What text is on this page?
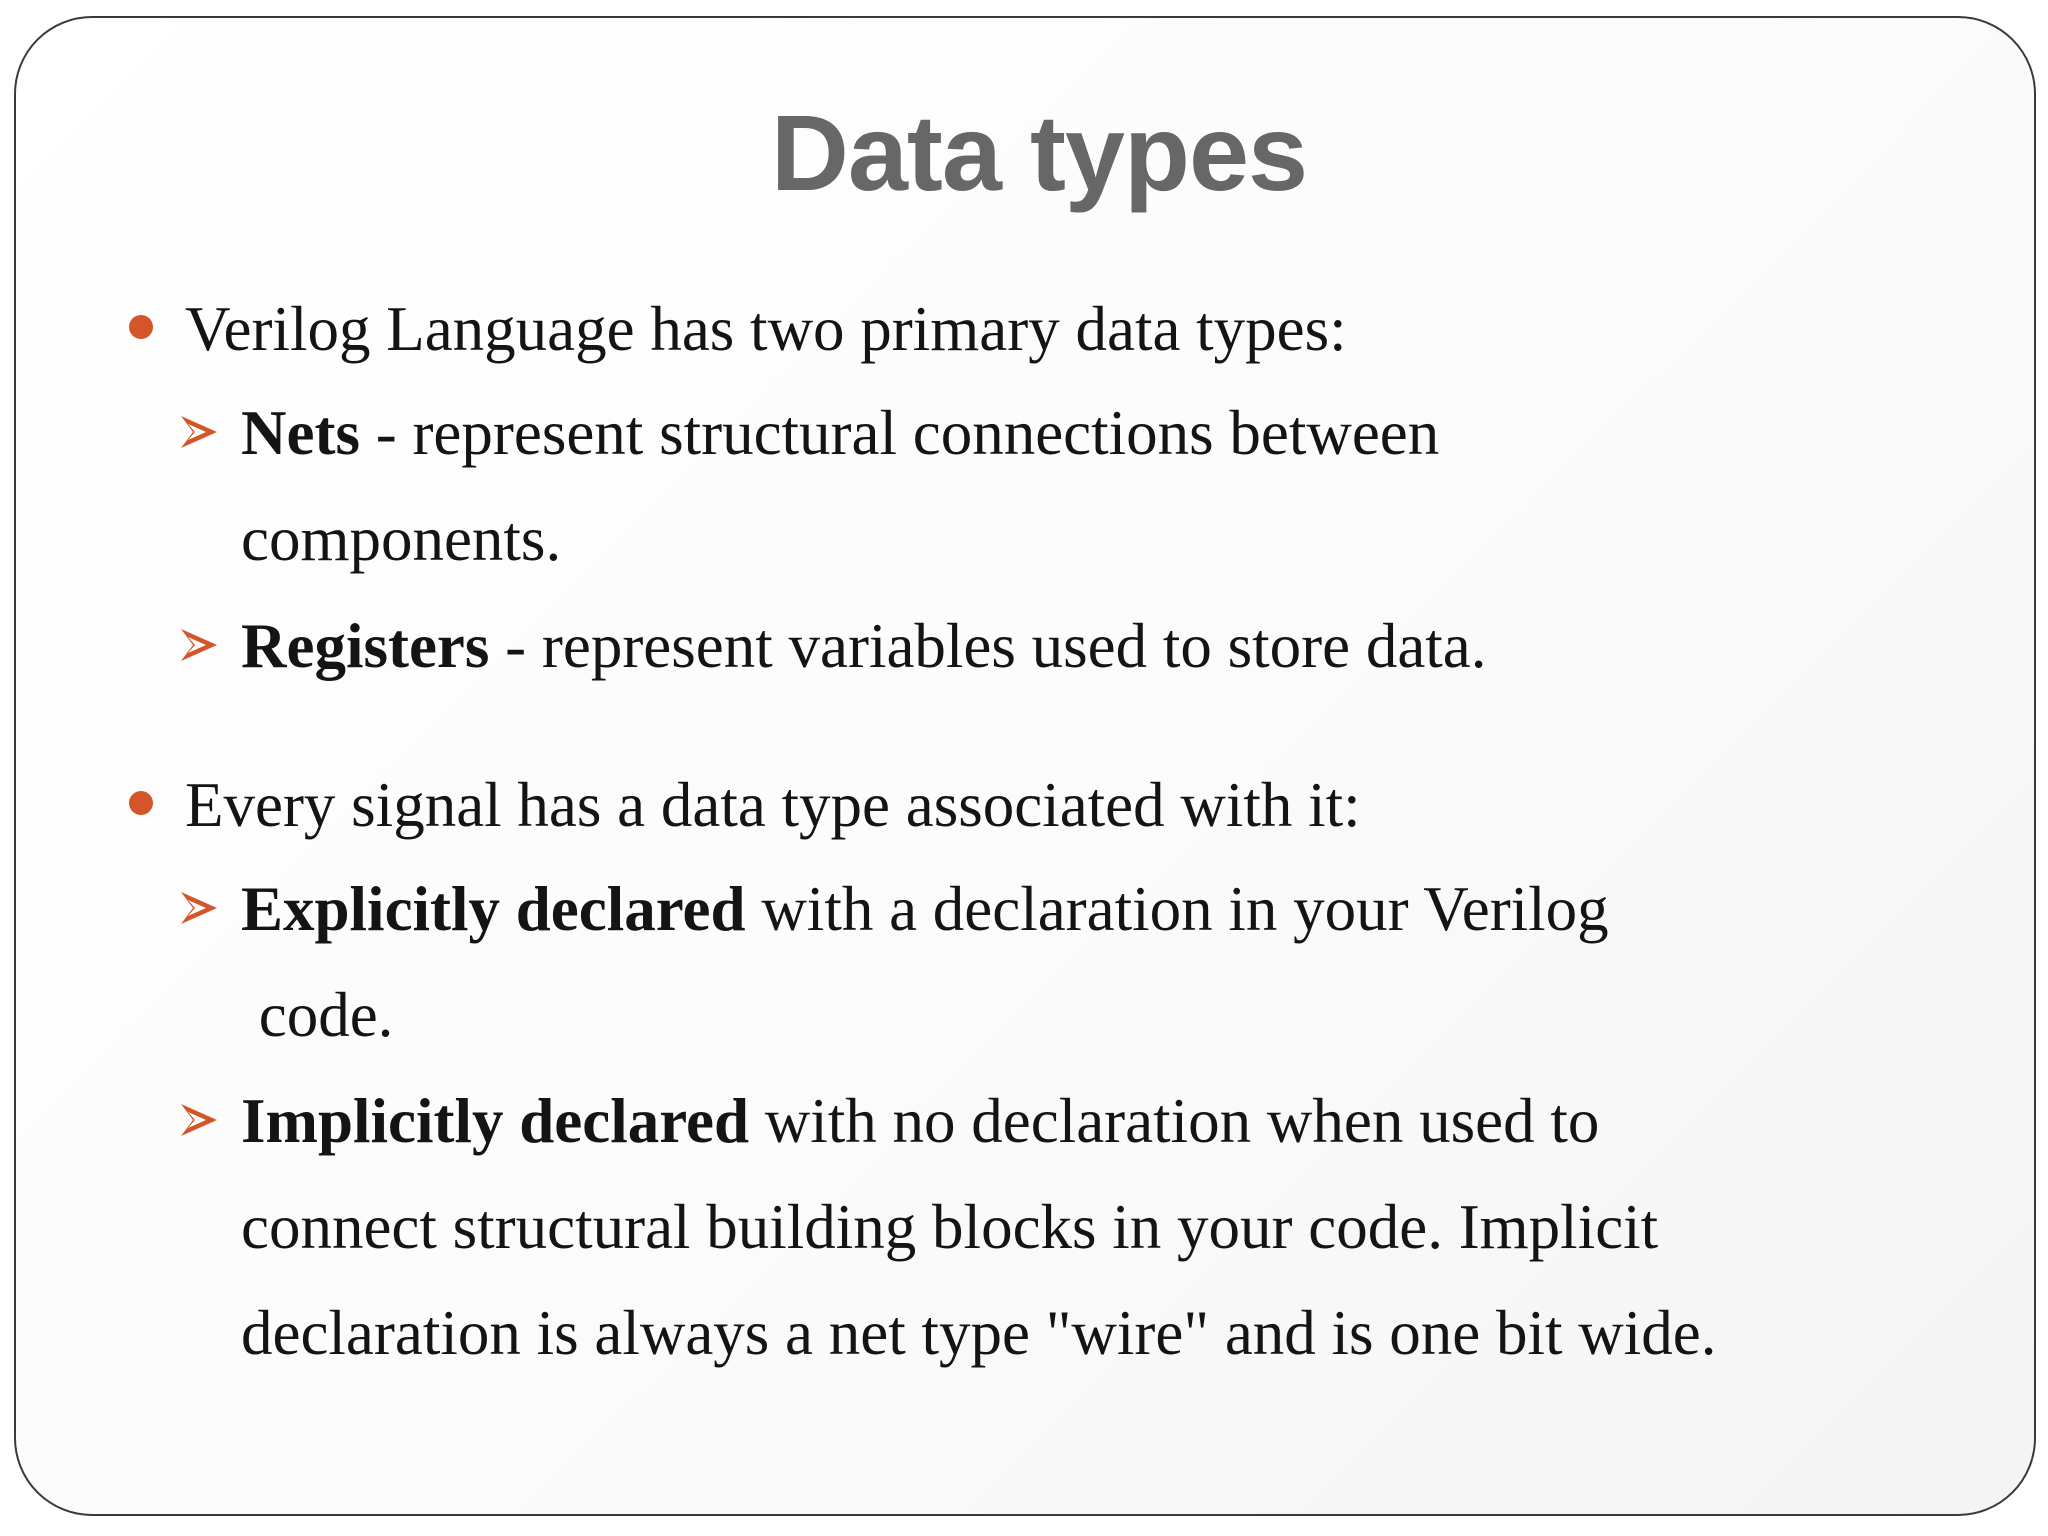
Data types
Verilog Language has two primary data types:
Nets - represent structural connections between
components.
Registers - represent variables used to store data.
Every signal has a data type associated with it:
Explicitly declared with a declaration in your Verilog
code.
Implicitly declared with no declaration when used to
connect structural building blocks in your code. Implicit
declaration is always a net type "wire" and is one bit wide.
